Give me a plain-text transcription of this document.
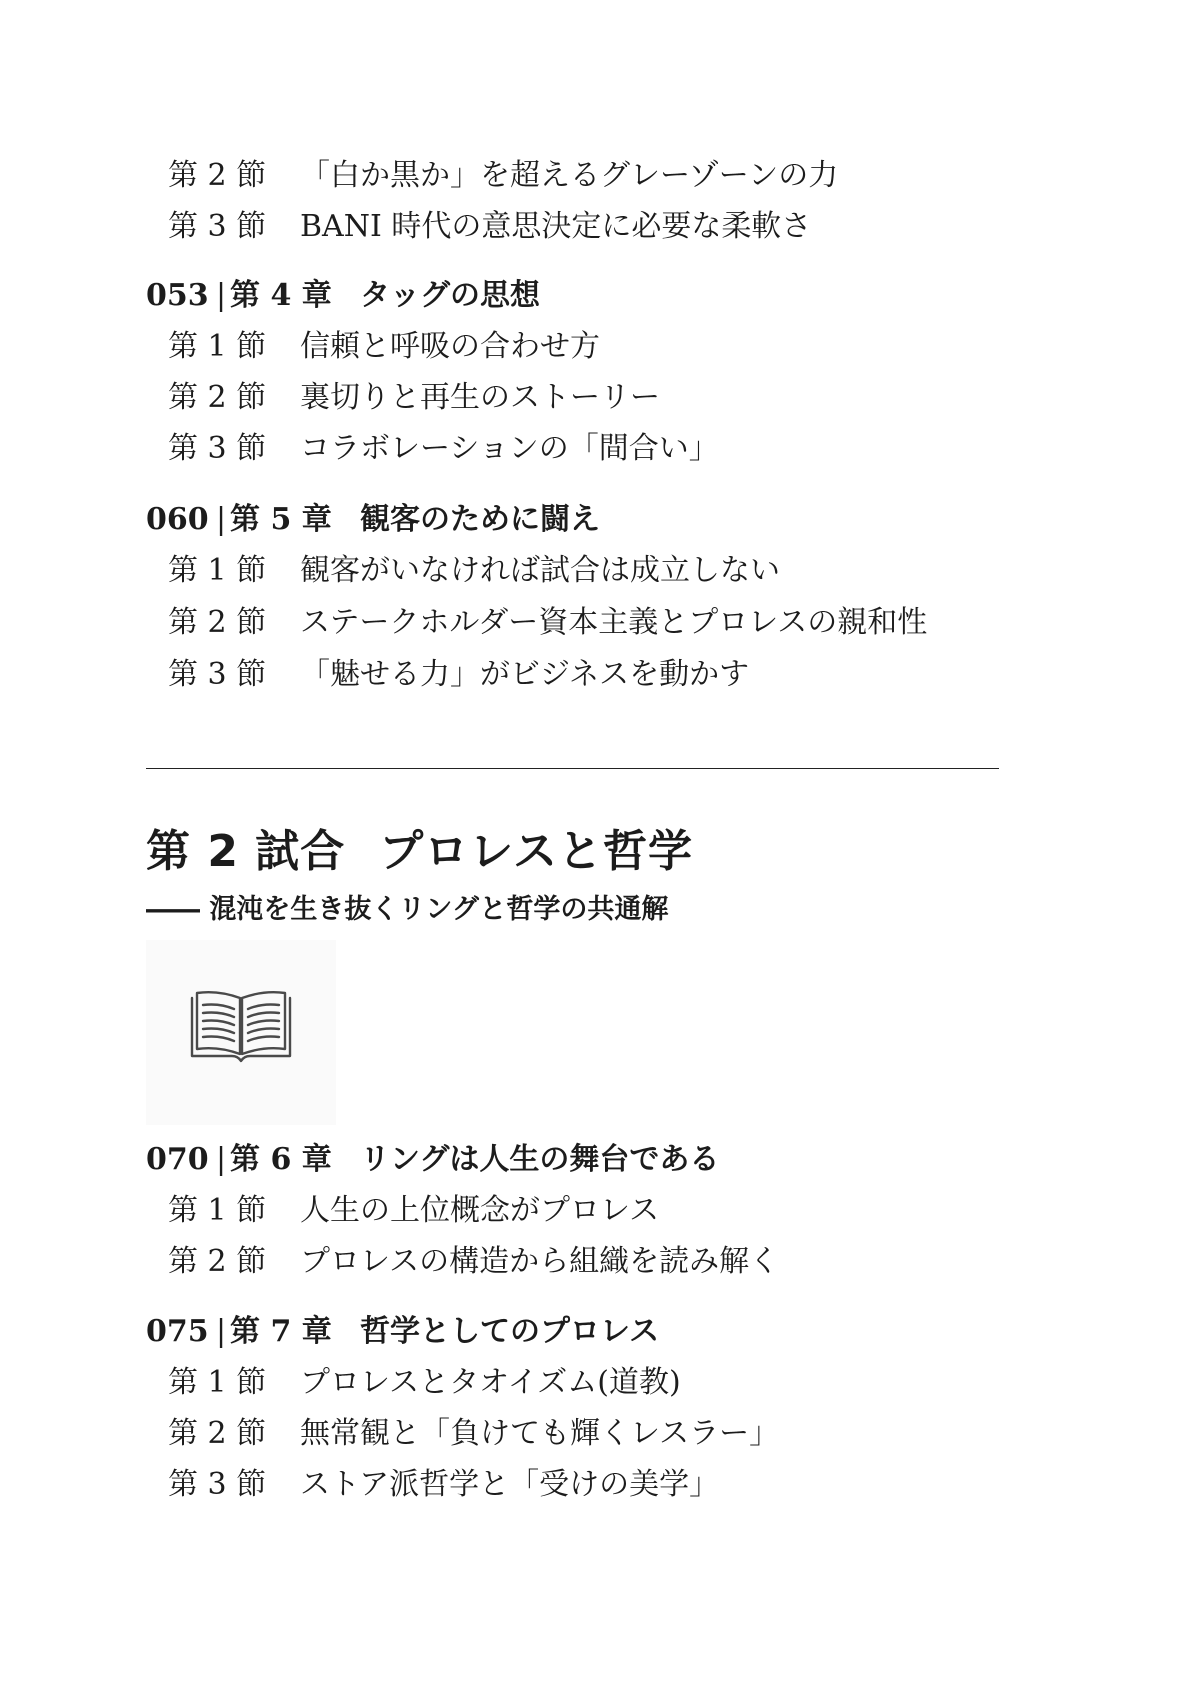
第 2 節	「白か黒か」を超えるグレーゾーンの力
第 3 節	BANI 時代の意思決定に必要な柔軟さ
053 | 第 4 章 タッグの思想
第 1 節	信頼と呼吸の合わせ方
第 2 節	裏切りと再生のストーリー
第 3 節	コラボレーションの「間合い」
060 | 第 5 章 観客のために闘え
第 1 節	観客がいなければ試合は成立しない
第 2 節	ステークホルダー資本主義とプロレスの親和性
第 3 節	「魅せる力」がビジネスを動かす
第 2 試合 プロレスと哲学

―― 混沌を生き抜くリングと哲学の共通解

070 | 第 6 章 リングは人生の舞台である
第 1 節	人生の上位概念がプロレス
第 2 節	プロレスの構造から組織を読み解く
075 | 第 7 章 哲学としてのプロレス
第 1 節	プロレスとタオイズム(道教)
第 2 節	無常観と「負けても輝くレスラー」
第 3 節	ストア派哲学と「受けの美学」
